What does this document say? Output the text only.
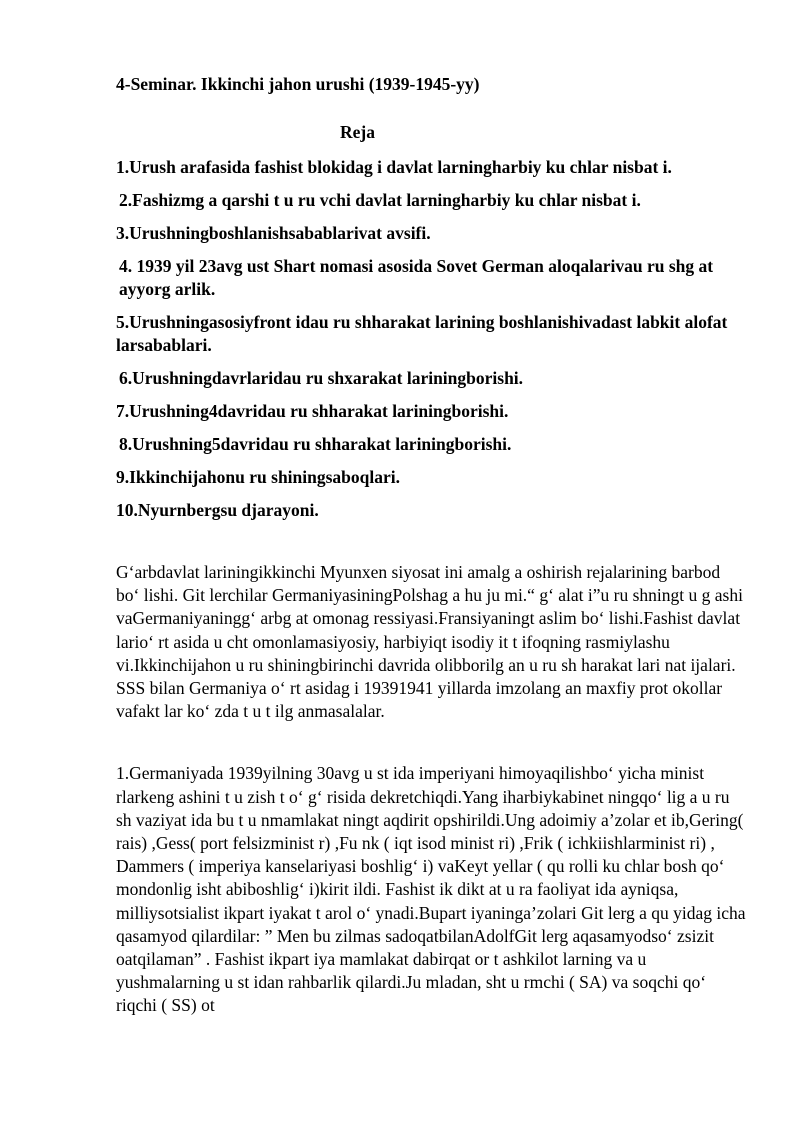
4-Seminar. Ikkinchi jahon urushi (1939-1945-yy)
Reja
1.Urush arafasida fashist blokidag i davlat larningharbiy ku chlar nisbat i.
2.Fashizmg a qarshi t u ru vchi davlat larningharbiy ku chlar nisbat i.
3.Urushningboshlanishsabablаrivat avsifi.
4. 1939 yil 23avg ust Shart nomasi asosida Sovet German aloqalarivau ru shg at ayyorg arlik.
5.Urushningasosiyfront idau ru shharakat larining boshlanishivadast labkit alofat larsabablаri.
6.Urushningdavrlaridau ru shxarakat lariningborishi.
7.Urushning4davridau ru shharakat lariningborishi.
8.Urushning5davridau ru shharakat lariningborishi.
9.Ikkinchijahonu ru shiningsaboqlari.
10.Nyurnbergsu djarayoni.

G‘arbdavlat lariningikkinchi Myunxen siyosat ini amalg a oshirish rejalarining barbod bo‘ lishi. Git lerchilar GermaniyasiningPolshag a hu ju mi.“ g‘ alat i”u ru shningt u g ashi vaGermaniyaningg‘ arbg at omonag ressiyasi.Fransiyaningt aslim bo‘ lishi.Fashist davlat lario‘ rt asida u cht omonlamasiyosiy, harbiyiqt isodiy it t ifoqning rasmiylashu vi.Ikkinchijahon u ru shiningbirinchi davrida olibborilg an u ru sh harakat lari nat ijalari. SSS bilan Germaniya o‘ rt asidag i 19391941 yillarda imzolang an maxfiy prot okollar vafakt lar ko‘ zda t u t ilg anmasalalar.

1.Germaniyada 1939yilning 30avg u st ida imperiyani himoyaqilishbo‘ yicha minist rlarkeng ashini t u zish t o‘ g‘ risida dekretchiqdi.Yang iharbiykabinet ningqo‘ lig a u ru sh vaziyat ida bu t u nmamlakat ningt aqdirit opshirildi.Ung adoimiy a’zolar et ib,Gering( rais) ,Gess( port felsizminist r) ,Fu nk ( iqt isod minist ri) ,Frik ( ichkiishlarminist ri) , Dammers ( imperiya kanselariyasi boshlig‘ i) vaKeyt yellar ( qu rolli ku chlar bosh qo‘ mondonlig isht abiboshlig‘ i)kirit ildi. Fashist ik dikt at u ra faoliyat ida ayniqsa, milliysotsialist ikpart iyakat t arol o‘ ynadi.Bupart iyaninga’zolari Git lerg a qu yidag icha qasamyod qilardilar: ” Men bu zilmas sadoqatbilanAdolfGit lerg aqasamyodso‘ zsizit oatqilaman” . Fashist ikpart iya mamlakat dabirqat or t ashkilot larning va u yushmalarning u st idan rahbarlik qilardi.Ju mladan, sht u rmchi ( SA) va soqchi qo‘ riqchi ( SS) ot
